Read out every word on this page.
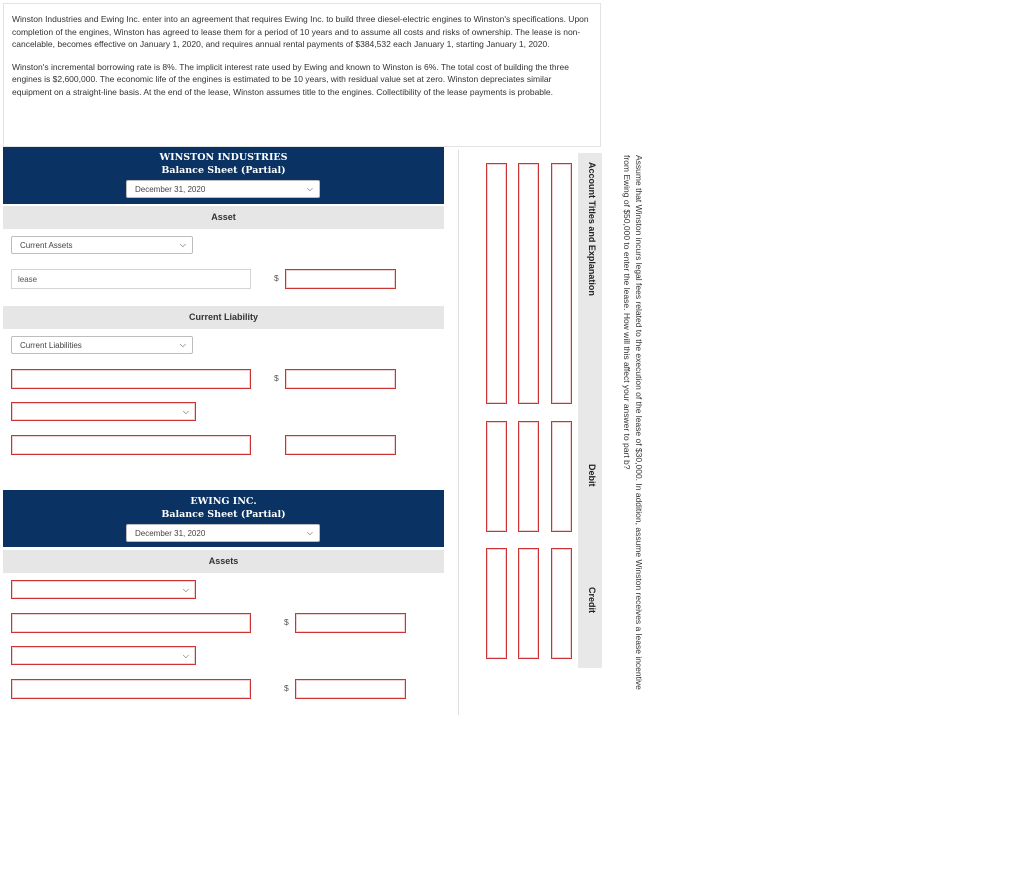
Winston Industries and Ewing Inc. enter into an agreement that requires Ewing Inc. to build three diesel-electric engines to Winston's specifications. Upon completion of the engines, Winston has agreed to lease them for a period of 10 years and to assume all costs and risks of ownership. The lease is non-cancelable, becomes effective on January 1, 2020, and requires annual rental payments of $384,532 each January 1, starting January 1, 2020.

Winston's incremental borrowing rate is 8%. The implicit interest rate used by Ewing and known to Winston is 6%. The total cost of building the three engines is $2,600,000. The economic life of the engines is estimated to be 10 years, with residual value set at zero. Winston depreciates similar equipment on a straight-line basis. At the end of the lease, Winston assumes title to the engines. Collectibility of the lease payments is probable.

WINSTON INDUSTRIES
Balance Sheet (Partial)
December 31, 2020	⌵
Asset
Current Assets	⌵
lease	$
Current Liability
Current Liabilities	⌵
$
⌵
EWING INC.
Balance Sheet (Partial)
December 31, 2020	⌵
Assets
⌵
$
⌵
$	Assume that Winston incurs legal fees related to the execution of the lease of $30,000. In addition, assume Winston receives a lease incentive from Ewing of $50,000 to enter the lease. How will this affect your answer to part b?
Account Titles and Explanation
Debit
Credit
